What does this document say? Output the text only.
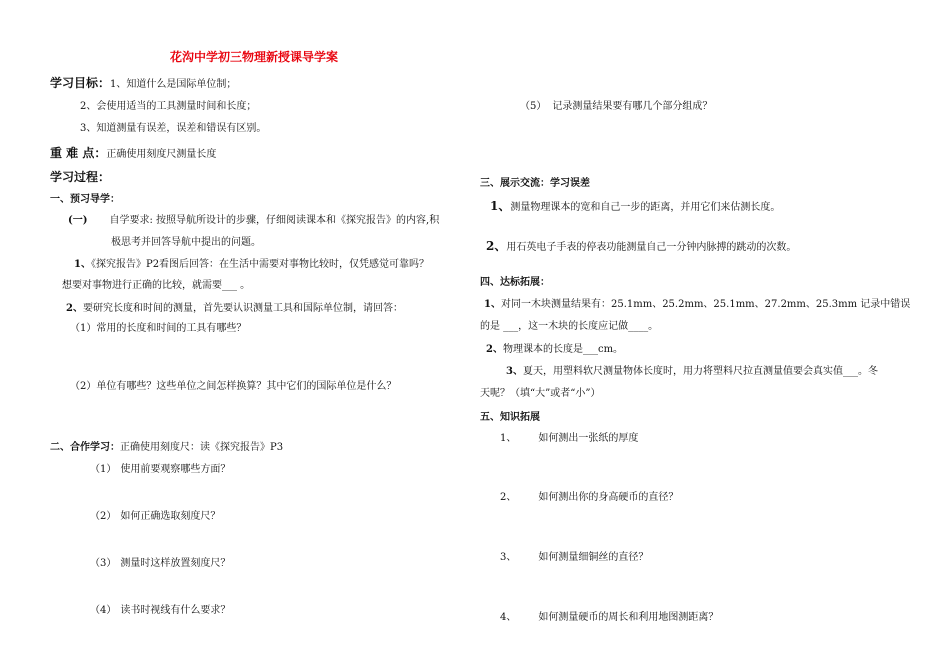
花沟中学初三物理新授课导学案
学习目标：1、知道什么是国际单位制；
2、会使用适当的工具测量时间和长度；
3、知道测量有误差，误差和错误有区别。
重 难 点：正确使用刻度尺测量长度
学习过程：
一、预习导学：
(一) 自学要求: 按照导航所设计的步骤，仔细阅读课本和《探究报告》的内容,积
极思考并回答导航中提出的问题。
1、《探究报告》P2看图后回答：在生活中需要对事物比较时，仅凭感觉可靠吗？
想要对事物进行正确的比较，就需要___ 。
2、要研究长度和时间的测量，首先要认识测量工具和国际单位制，请回答：
（1）常用的长度和时间的工具有哪些？
（2）单位有哪些？这些单位之间怎样换算？其中它们的国际单位是什么？
二、合作学习：正确使用刻度尺：读《探究报告》P3
（1） 使用前要观察哪些方面？
（2） 如何正确选取刻度尺？
（3） 测量时这样放置刻度尺？
（4） 读书时视线有什么要求？
（5） 记录测量结果要有哪几个部分组成？
三、展示交流：学习误差
1、测量物理课本的宽和自己一步的距离，并用它们来估测长度。
2、用石英电子手表的停表功能测量自己一分钟内脉搏的跳动的次数。
四、达标拓展：
1、对同一木块测量结果有：25.1mm、25.2mm、25.1mm、27.2mm、25.3mm 记录中错误
的是 ___，这一木块的长度应记做____。
2、物理课本的长度是___cm。
3、夏天，用塑料软尺测量物体长度时，用力将塑料尺拉直测量值要会真实值___。冬
天呢？（填“大”或者“小”）
五、知识拓展
1、 如何测出一张纸的厚度
2、 如何测出你的身高硬币的直径？
3、 如何测量细铜丝的直径？
4、 如何测量硬币的周长和利用地图测距离？
